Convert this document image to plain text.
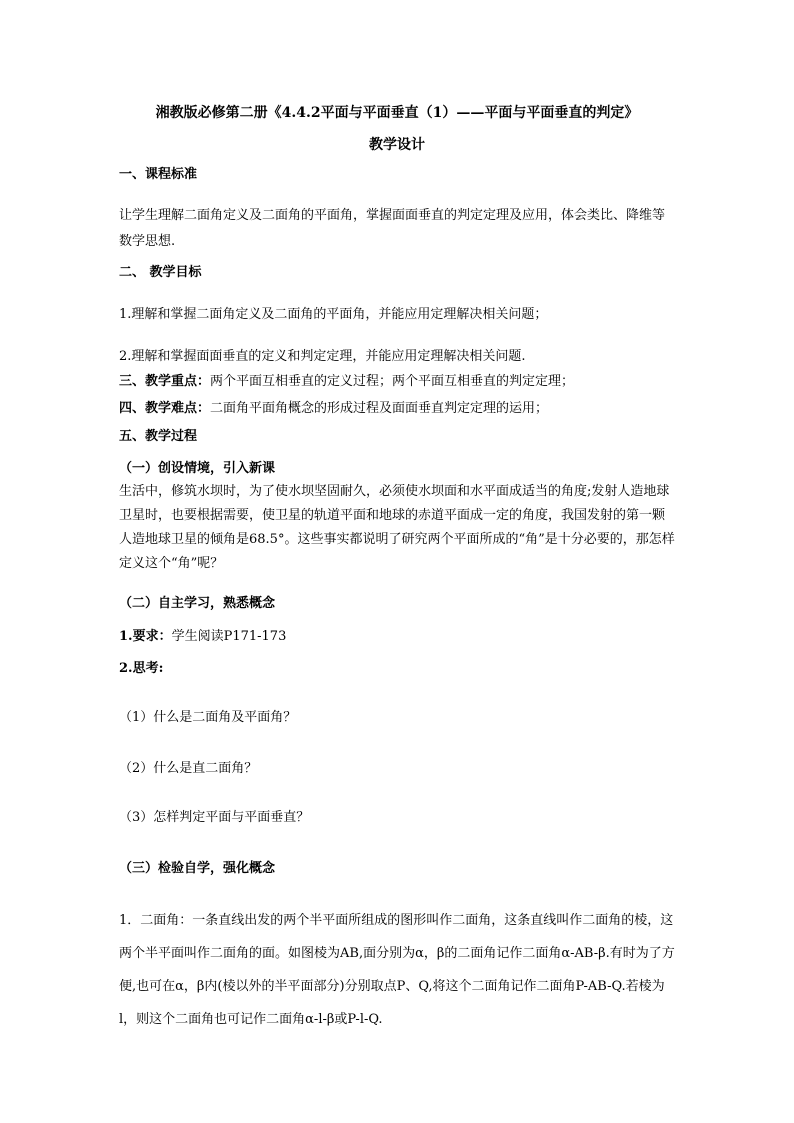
湘教版必修第二册《4.4.2平面与平面垂直（1）——平面与平面垂直的判定》
教学设计
一、课程标准
让学生理解二面角定义及二面角的平面角，掌握面面垂直的判定定理及应用，体会类比、降维等数学思想.
二、 教学目标
1.理解和掌握二面角定义及二面角的平面角，并能应用定理解决相关问题；
2.理解和掌握面面垂直的定义和判定定理，并能应用定理解决相关问题.
三、教学重点：两个平面互相垂直的定义过程；两个平面互相垂直的判定定理；
四、教学难点：二面角平面角概念的形成过程及面面垂直判定定理的运用；
五、教学过程
（一）创设情境，引入新课
生活中，修筑水坝时，为了使水坝坚固耐久，必须使水坝面和水平面成适当的角度;发射人造地球卫星时，也要根据需要，使卫星的轨道平面和地球的赤道平面成一定的角度，我国发射的第一颗人造地球卫星的倾角是68.5°。这些事实都说明了研究两个平面所成的“角”是十分必要的，那怎样定义这个“角”呢？
（二）自主学习，熟悉概念
1.要求：学生阅读P171-173
2.思考:
（1）什么是二面角及平面角？
（2）什么是直二面角？
（3）怎样判定平面与平面垂直？
（三）检验自学，强化概念
1．二面角：一条直线出发的两个半平面所组成的图形叫作二面角，这条直线叫作二面角的棱，这两个半平面叫作二面角的面。如图棱为AB,面分别为α，β的二面角记作二面角α-AB-β.有时为了方便,也可在α，β内(棱以外的半平面部分)分别取点P、Q,将这个二面角记作二面角P-AB-Q.若棱为l，则这个二面角也可记作二面角α-l-β或P-l-Q.
